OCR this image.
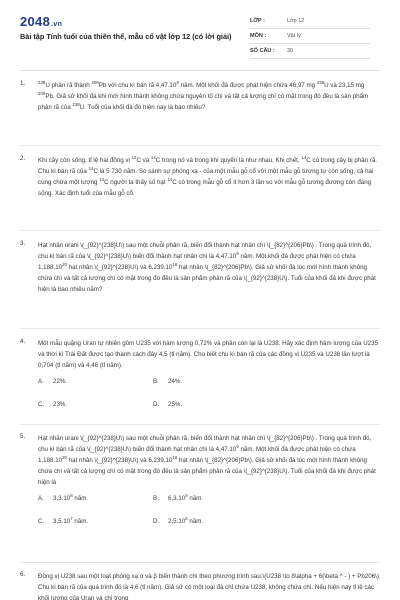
2048.vn
Bài tập Tính tuổi của thiên thể, mẫu cổ vật lớp 12 (có lời giải)
LỚP :	Lớp 12
MÔN :	Vật lý
SỐ CÂU :	30
1.	$^{238}$U phân rã thành $^{206}$Pb với chu kì bán rã 4,47.10$^9$ năm. Một khối đá được phát hiện chứa 46,97 mg $^{238}$U và 23,15 mg $^{206}$Pb. Giả sử khối đá khi mới hình thành không chứa nguyên tố chì và tất cả lượng chì có mặt trong đó đều là sản phẩm phân rã của $^{238}$U. Tuổi của khối đá đó hiện nay là bao nhiêu?
2. Khi cây còn sống, tỉ lệ hai đồng vị $^{12}$C và $^{14}$C trong nó và trong khí quyển là như nhau. Khi chết, $^{14}$C có trong cây bị phân rã. Chu kì bán rã của $^{14}$C là 5 730 năm. So sánh sự phóng xạ - của một mẫu gỗ cổ với một mẫu gỗ tương tự còn sống, cả hai cùng chứa một lượng $^{14}$C người ta thấy số hạt $^{14}$C có trong mẫu gỗ cổ ít hơn 3 lần so với mẫu gỗ tương đương còn đang sống. Xác định tuổi của mẫu gỗ cổ.
3. Hạt nhân urani \(_{92}^{238}U\) sau một chuỗi phân rã, biến đổi thành hạt nhân chì \(_{82}^{206}Pb\) . Trong quá trình đó, chu kì bán rã của \(_{92}^{238}U\) biến đổi thành hạt nhân chì là 4,47.10$^9$ năm. Một khối đá được phát hiện có chứa 1,188.10$^{20}$ hạt nhân \(_{92}^{238}U\) và 6,239.10$^{18}$ hạt nhân \(_{82}^{206}Pb\). Giả sử khối đá lúc mới hình thành không chứa chì và tất cả lượng chì có mặt trong đó đều là sản phẩm phân rã của \(_{92}^{238}U\). Tuổi của khối đá khi được phát hiện là bao nhiêu năm?
4. Một mẫu quặng Uran tự nhiên gồm U235 với hàm lượng 0,72% và phần còn lại là U238. Hãy xác định hàm lượng của U235 và thời kì Trái Đất được tạo thành cách đây 4,5 (tỉ năm). Cho biết chu kì bán rã của các đồng vị U235 và U238 lần lượt là 0,704 (tỉ năm) và 4,46 (tỉ năm).
A. 22%.	B. 24%.
C. 23%.	D. 25%.
5. Hạt nhân urani \(_{92}^{238}U\) sau một chuỗi phân rã, biến đổi thành hạt nhân chì \(_{82}^{206}Pb\) . Trong quá trình đó, chu kì bán rã của \(_{92}^{238}U\) biến đổi thành hạt nhân chì là 4,47.10$^9$ năm. Một khối đá được phát hiện có chứa 1,188.10$^{20}$ hạt nhân \(_{92}^{238}U\) và 6,239.10$^{18}$ hạt nhân \(_{82}^{206}Pb\). Giả sử khối đá lúc mới hình thành không chứa chì và tất cả lượng chì có mặt trong đó đều là sản phẩm phân rã của \(_{92}^{238}U\). Tuổi của khối đá khi được phát hiện là
A. 3,3.10$^8$ năm.	B. 6,3.10$^9$ năm.
C. 3,5.10$^7$ năm.	D. 2,5.10$^6$ năm.
6. Đồng vị U238 sau một loạt phóng xạ α và β biến thành chì theo phương trình sau:\(U238 \to 8\alpha + 6(\beta ^ - ) + Pb206\). Chu kì bán rã của quá trình đó là 4,6 (tỉ năm). Giả sử có một loại đá chỉ chứa U238, không chứa chì. Nếu hiện nay tỉ lệ các khối lượng của Uran và chì trong
